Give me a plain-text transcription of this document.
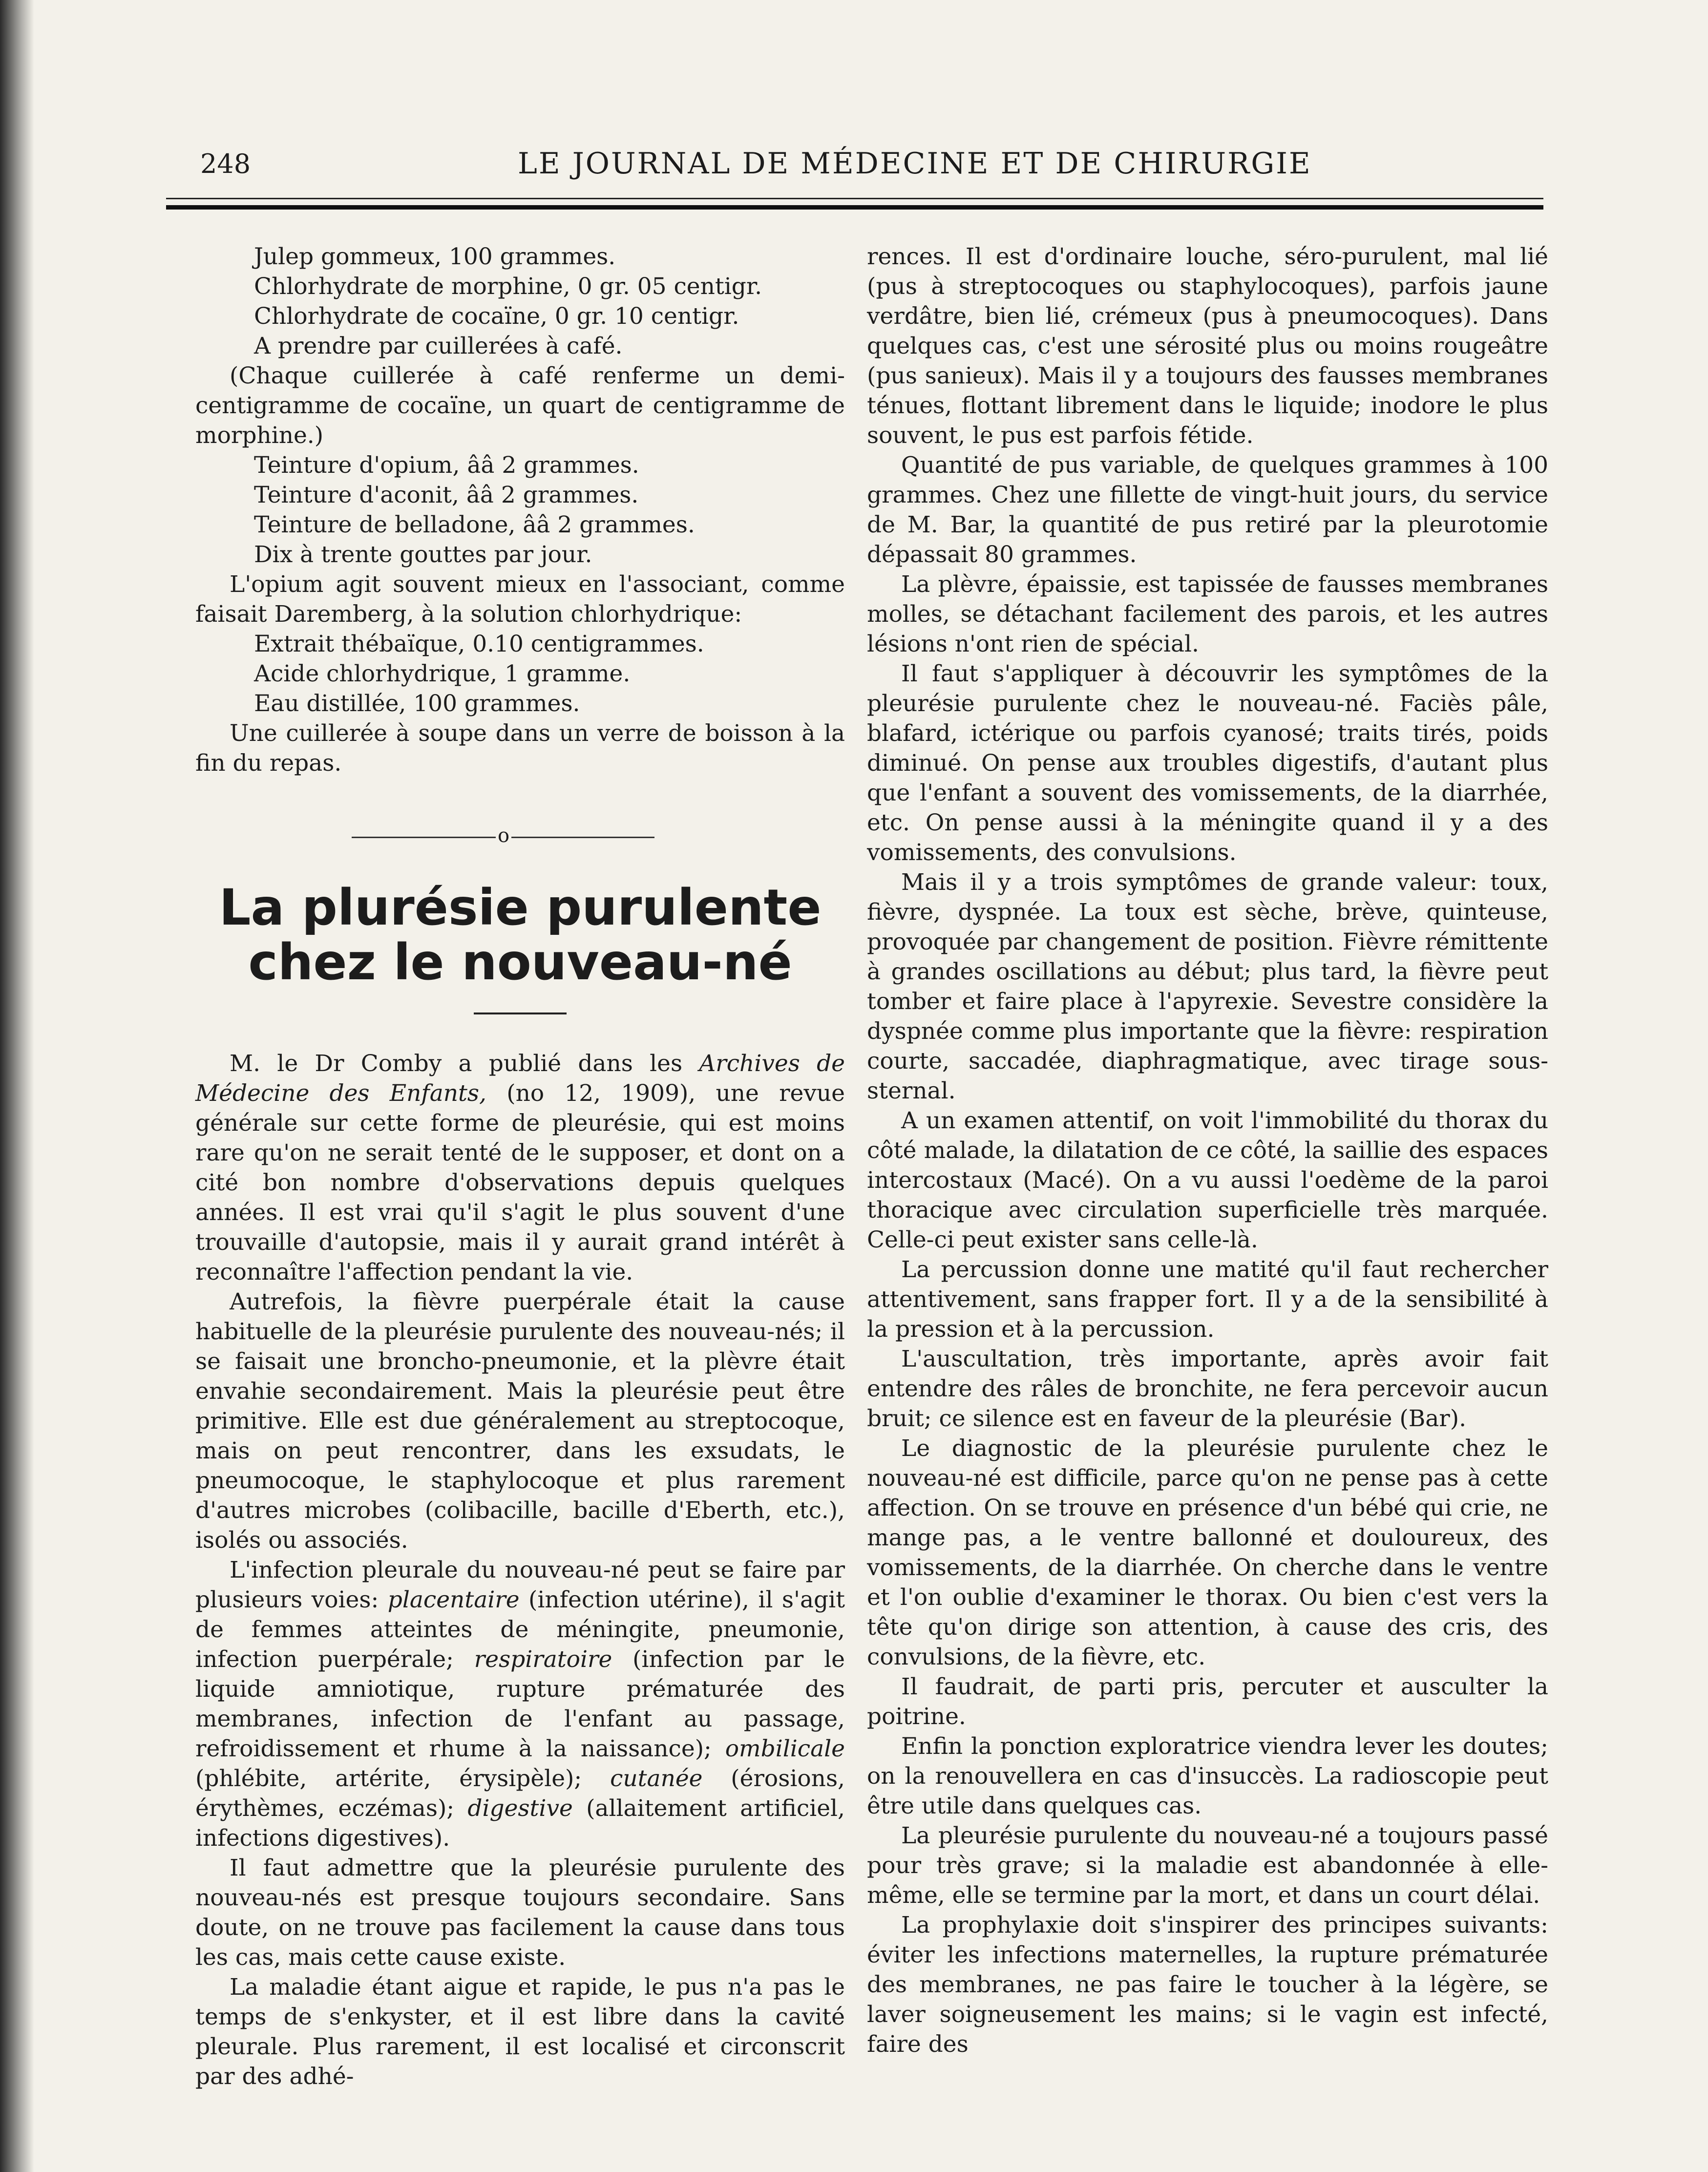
248	LE JOURNAL DE MÉDECINE ET DE CHIRURGIE

Julep gommeux, 100 grammes.

Chlorhydrate de morphine, 0 gr. 05 centigr.

Chlorhydrate de cocaïne, 0 gr. 10 centigr.

A prendre par cuillerées à café.

(Chaque cuillerée à café renferme un demi-centigramme de cocaïne, un quart de centigramme de morphine.)

Teinture d'opium, ââ 2 grammes.

Teinture d'aconit, ââ 2 grammes.

Teinture de belladone, ââ 2 grammes.

Dix à trente gouttes par jour.

L'opium agit souvent mieux en l'associant, comme faisait Daremberg, à la solution chlorhydrique:

Extrait thébaïque, 0.10 centigrammes.

Acide chlorhydrique, 1 gramme.

Eau distillée, 100 grammes.

Une cuillerée à soupe dans un verre de boisson à la fin du repas.

o
La plurésie purulente chez le nouveau-né

M. le Dr Comby a publié dans les Archives de Médecine des Enfants, (no 12, 1909), une revue générale sur cette forme de pleurésie, qui est moins rare qu'on ne serait tenté de le supposer, et dont on a cité bon nombre d'observations depuis quelques années. Il est vrai qu'il s'agit le plus souvent d'une trouvaille d'autopsie, mais il y aurait grand intérêt à reconnaître l'affection pendant la vie.

Autrefois, la fièvre puerpérale était la cause habituelle de la pleurésie purulente des nouveau-nés; il se faisait une broncho-pneumonie, et la plèvre était envahie secondairement. Mais la pleurésie peut être primitive. Elle est due généralement au streptocoque, mais on peut rencontrer, dans les exsudats, le pneumocoque, le staphylocoque et plus rarement d'autres microbes (colibacille, bacille d'Eberth, etc.), isolés ou associés.

L'infection pleurale du nouveau-né peut se faire par plusieurs voies: placentaire (infection utérine), il s'agit de femmes atteintes de méningite, pneumonie, infection puerpérale; respiratoire (infection par le liquide amniotique, rupture prématurée des membranes, infection de l'enfant au passage, refroidissement et rhume à la naissance); ombilicale (phlébite, artérite, érysipèle); cutanée (érosions, érythèmes, eczémas); digestive (allaitement artificiel, infections digestives).

Il faut admettre que la pleurésie purulente des nouveau-nés est presque toujours secondaire. Sans doute, on ne trouve pas facilement la cause dans tous les cas, mais cette cause existe.

La maladie étant aigue et rapide, le pus n'a pas le temps de s'enkyster, et il est libre dans la cavité pleurale. Plus rarement, il est localisé et circonscrit par des adhé-

rences. Il est d'ordinaire louche, séro-purulent, mal lié (pus à streptocoques ou staphylocoques), parfois jaune verdâtre, bien lié, crémeux (pus à pneumocoques). Dans quelques cas, c'est une sérosité plus ou moins rougeâtre (pus sanieux). Mais il y a toujours des fausses membranes ténues, flottant librement dans le liquide; inodore le plus souvent, le pus est parfois fétide.

Quantité de pus variable, de quelques grammes à 100 grammes. Chez une fillette de vingt-huit jours, du service de M. Bar, la quantité de pus retiré par la pleurotomie dépassait 80 grammes.

La plèvre, épaissie, est tapissée de fausses membranes molles, se détachant facilement des parois, et les autres lésions n'ont rien de spécial.

Il faut s'appliquer à découvrir les symptômes de la pleurésie purulente chez le nouveau-né. Faciès pâle, blafard, ictérique ou parfois cyanosé; traits tirés, poids diminué. On pense aux troubles digestifs, d'autant plus que l'enfant a souvent des vomissements, de la diarrhée, etc. On pense aussi à la méningite quand il y a des vomissements, des convulsions.

Mais il y a trois symptômes de grande valeur: toux, fièvre, dyspnée. La toux est sèche, brève, quinteuse, provoquée par changement de position. Fièvre rémittente à grandes oscillations au début; plus tard, la fièvre peut tomber et faire place à l'apyrexie. Sevestre considère la dyspnée comme plus importante que la fièvre: respiration courte, saccadée, diaphragmatique, avec tirage sous-sternal.

A un examen attentif, on voit l'immobilité du thorax du côté malade, la dilatation de ce côté, la saillie des espaces intercostaux (Macé). On a vu aussi l'oedème de la paroi thoracique avec circulation superficielle très marquée. Celle-ci peut exister sans celle-là.

La percussion donne une matité qu'il faut rechercher attentivement, sans frapper fort. Il y a de la sensibilité à la pression et à la percussion.

L'auscultation, très importante, après avoir fait entendre des râles de bronchite, ne fera percevoir aucun bruit; ce silence est en faveur de la pleurésie (Bar).

Le diagnostic de la pleurésie purulente chez le nouveau-né est difficile, parce qu'on ne pense pas à cette affection. On se trouve en présence d'un bébé qui crie, ne mange pas, a le ventre ballonné et douloureux, des vomissements, de la diarrhée. On cherche dans le ventre et l'on oublie d'examiner le thorax. Ou bien c'est vers la tête qu'on dirige son attention, à cause des cris, des convulsions, de la fièvre, etc.

Il faudrait, de parti pris, percuter et ausculter la poitrine.

Enfin la ponction exploratrice viendra lever les doutes; on la renouvellera en cas d'insuccès. La radioscopie peut être utile dans quelques cas.

La pleurésie purulente du nouveau-né a toujours passé pour très grave; si la maladie est abandonnée à elle-même, elle se termine par la mort, et dans un court délai.

La prophylaxie doit s'inspirer des principes suivants: éviter les infections maternelles, la rupture prématurée des membranes, ne pas faire le toucher à la légère, se laver soigneusement les mains; si le vagin est infecté, faire des
